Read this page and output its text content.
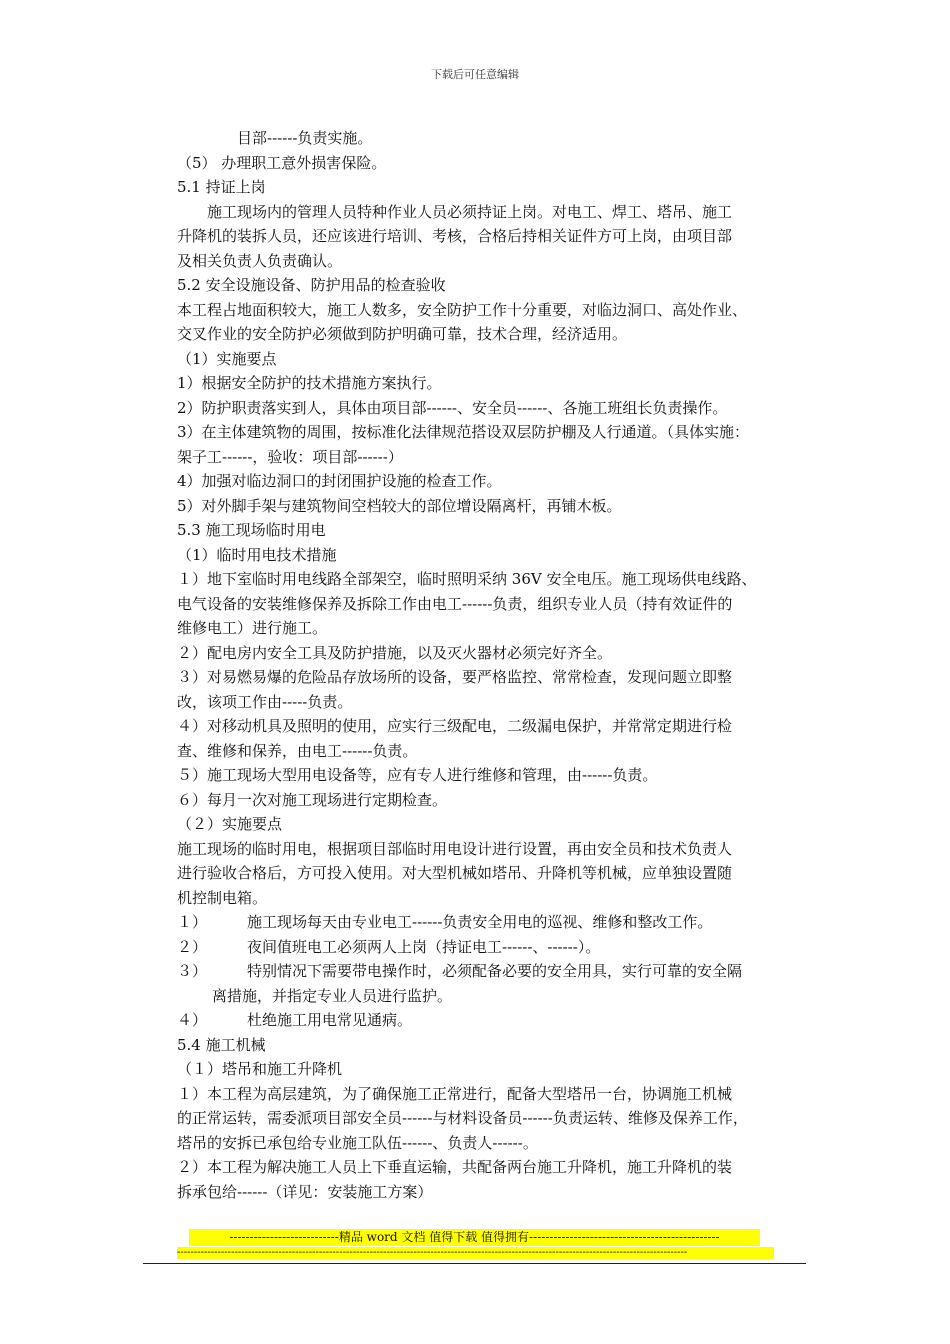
下载后可任意编辑
目部------负责实施。
（5） 办理职工意外损害保险。
5.1 持证上岗
施工现场内的管理人员特种作业人员必须持证上岗。对电工、焊工、塔吊、施工
升降机的装拆人员，还应该进行培训、考核，合格后持相关证件方可上岗，由项目部
及相关负责人负责确认。
5.2 安全设施设备、防护用品的检查验收
本工程占地面积较大，施工人数多，安全防护工作十分重要，对临边洞口、高处作业、
交叉作业的安全防护必须做到防护明确可靠，技术合理，经济适用。
（1）实施要点
1）根据安全防护的技术措施方案执行。
2）防护职责落实到人，具体由项目部------、安全员------、各施工班组长负责操作。
3）在主体建筑物的周围，按标准化法律规范搭设双层防护棚及人行通道。（具体实施：
架子工------，验收：项目部------）
4）加强对临边洞口的封闭围护设施的检查工作。
5）对外脚手架与建筑物间空档较大的部位增设隔离杆，再铺木板。
5.3 施工现场临时用电
（1）临时用电技术措施
１）地下室临时用电线路全部架空，临时照明采纳 36V 安全电压。施工现场供电线路、
电气设备的安装维修保养及拆除工作由电工------负责，组织专业人员（持有效证件的
维修电工）进行施工。
２）配电房内安全工具及防护措施，以及灭火器材必须完好齐全。
３）对易燃易爆的危险品存放场所的设备，要严格监控、常常检查，发现问题立即整
改，该项工作由-----负责。
４）对移动机具及照明的使用，应实行三级配电，二级漏电保护，并常常定期进行检
查、维修和保养，由电工------负责。
５）施工现场大型用电设备等，应有专人进行维修和管理，由------负责。
６）每月一次对施工现场进行定期检查。
（２）实施要点
施工现场的临时用电，根据项目部临时用电设计进行设置，再由安全员和技术负责人
进行验收合格后，方可投入使用。对大型机械如塔吊、升降机等机械，应单独设置随
机控制电箱。
１）	施工现场每天由专业电工------负责安全用电的巡视、维修和整改工作。
２）	夜间值班电工必须两人上岗（持证电工------、------）。
３）	特别情况下需要带电操作时，必须配备必要的安全用具，实行可靠的安全隔
离措施，并指定专业人员进行监护。
４）	杜绝施工用电常见通病。
5.4 施工机械
（１）塔吊和施工升降机
１）本工程为高层建筑，为了确保施工正常进行，配备大型塔吊一台，协调施工机械
的正常运转，需委派项目部安全员------与材料设备员------负责运转、维修及保养工作，
塔吊的安拆已承包给专业施工队伍------、负责人------。
２）本工程为解决施工人员上下垂直运输，共配备两台施工升降机，施工升降机的装
拆承包给------（详见：安装施工方案）
---------------------------精品 word 文档 值得下载 值得拥有-----------------------------------------------
-------------------------------------------------------------------------------------------------------------------------------------------------------
